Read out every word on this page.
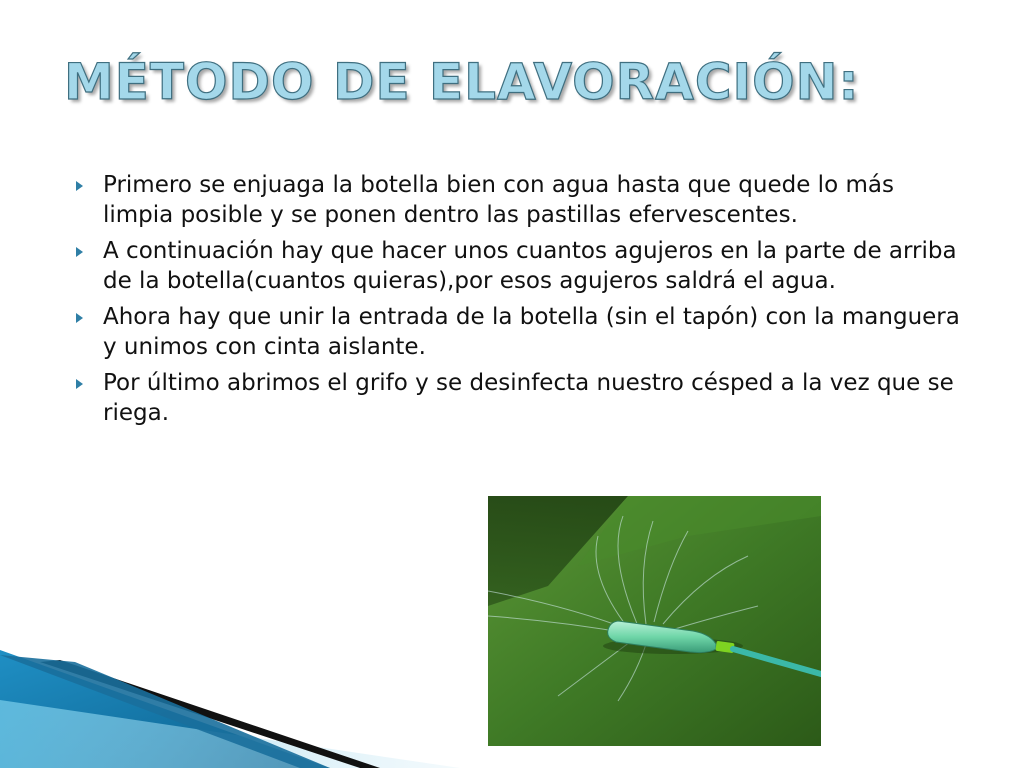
MÉTODO DE ELAVORACIÓN:
Primero se enjuaga la botella bien con agua hasta que quede lo más limpia posible y se ponen dentro las pastillas efervescentes.
A continuación hay que hacer unos cuantos agujeros en la parte de arriba de la botella(cuantos quieras),por esos agujeros saldrá el agua.
Ahora hay que unir la entrada de la botella (sin el tapón) con la manguera y unimos con cinta aislante.
Por último abrimos el grifo y se desinfecta nuestro césped a la vez que se riega.
